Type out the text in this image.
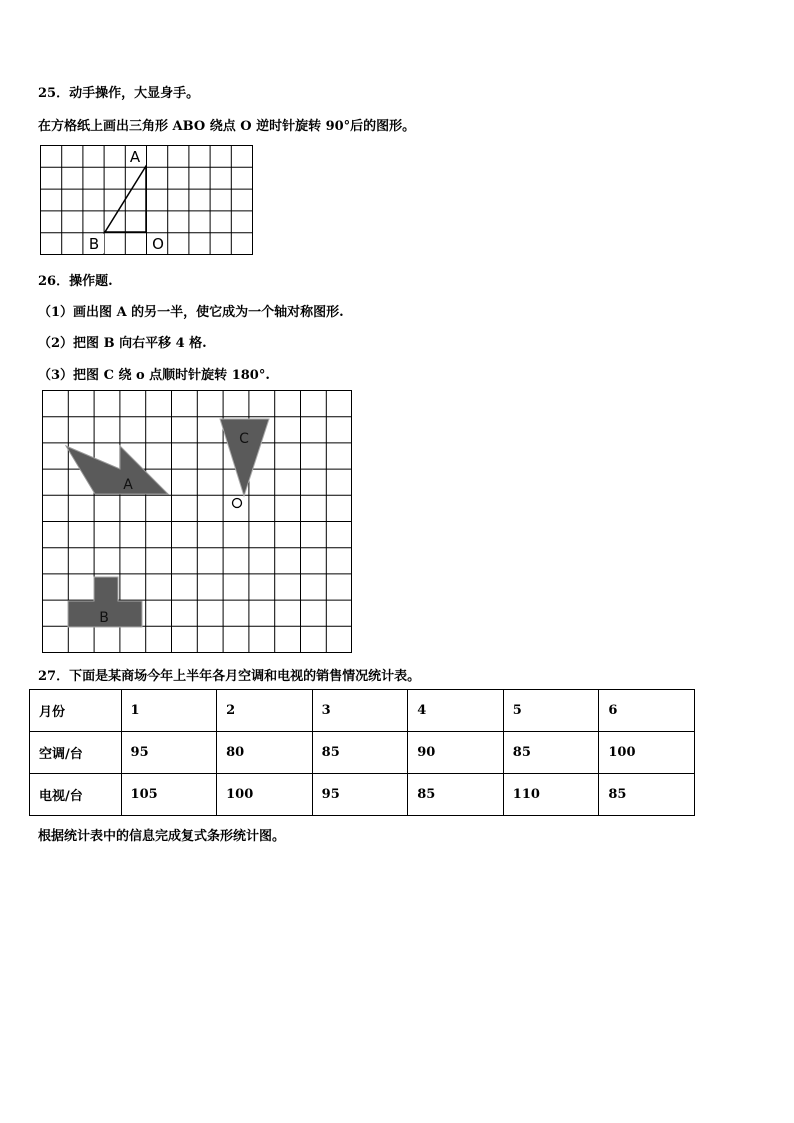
25．动手操作，大显身手。
在方格纸上画出三角形 ABO 绕点 O 逆时针旋转 90°后的图形。
A
B	O
26．操作题.
（1）画出图 A 的另一半，使它成为一个轴对称图形.
（2）把图 B 向右平移 4 格.
（3）把图 C 绕 o 点顺时针旋转 180°.
A
C
B
27．下面是某商场今年上半年各月空调和电视的销售情况统计表。
月份	1	2	3	4	5	6
空调/台	95	80	85	90	85	100
电视/台	105	100	95	85	110	85
根据统计表中的信息完成复式条形统计图。
